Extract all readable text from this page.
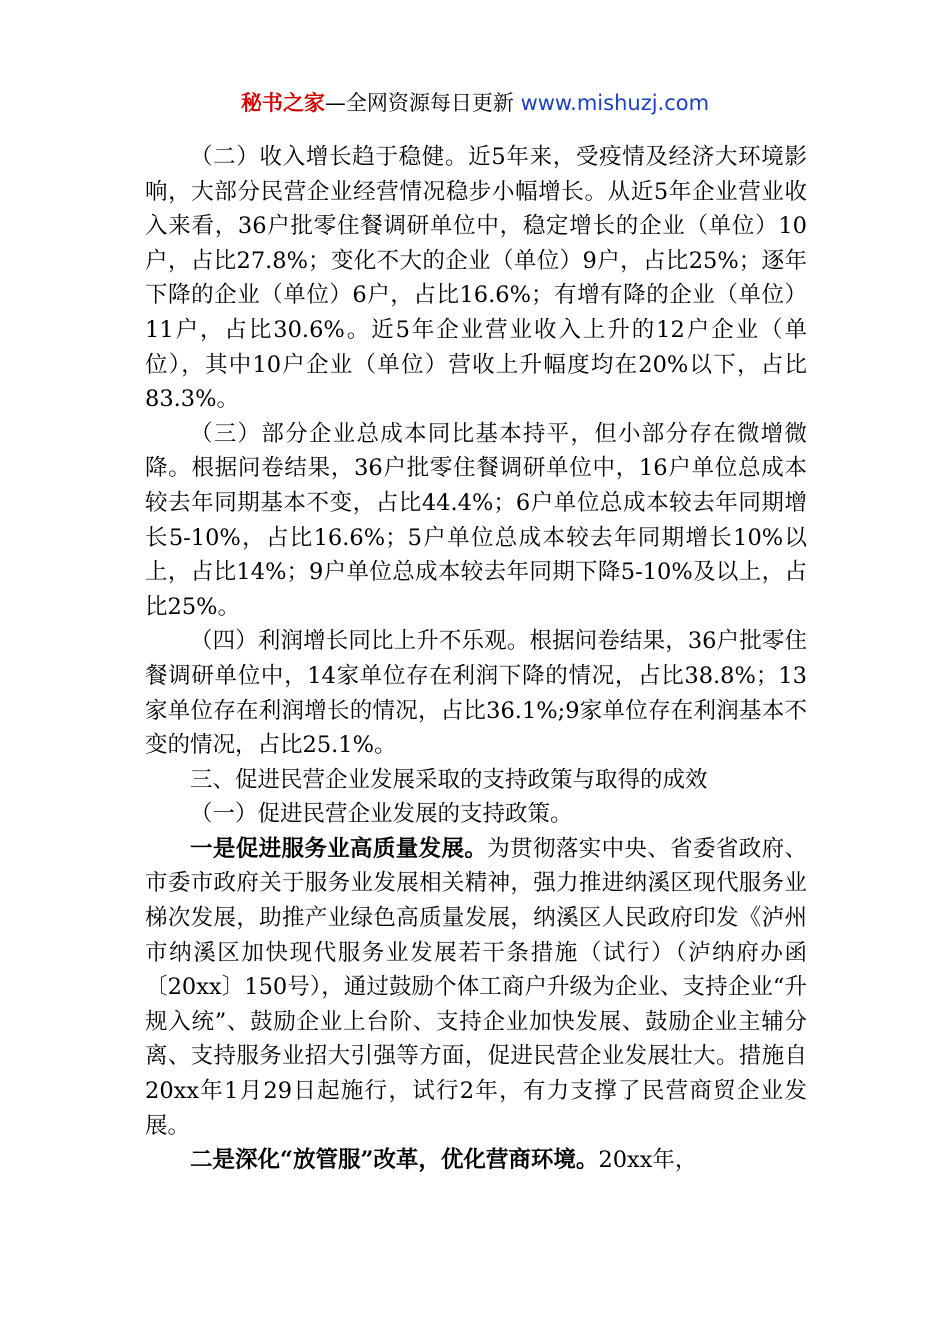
秘书之家—全网资源每日更新 www.mishuzj.com

（二）收入增长趋于稳健。近5年来，受疫情及经济大环境影响，大部分民营企业经营情况稳步小幅增长。从近5年企业营业收入来看，36户批零住餐调研单位中，稳定增长的企业（单位）10户，占比27.8%；变化不大的企业（单位）9户，占比25%；逐年下降的企业（单位）6户，占比16.6%；有增有降的企业（单位）11户，占比30.6%。近5年企业营业收入上升的12户企业（单位），其中10户企业（单位）营收上升幅度均在20%以下，占比83.3%。

（三）部分企业总成本同比基本持平，但小部分存在微增微降。根据问卷结果，36户批零住餐调研单位中，16户单位总成本较去年同期基本不变，占比44.4%；6户单位总成本较去年同期增长5-10%，占比16.6%；5户单位总成本较去年同期增长10%以上，占比14%；9户单位总成本较去年同期下降5-10%及以上，占比25%。

（四）利润增长同比上升不乐观。根据问卷结果，36户批零住餐调研单位中，14家单位存在利润下降的情况，占比38.8%；13家单位存在利润增长的情况，占比36.1%;9家单位存在利润基本不变的情况，占比25.1%。

三、促进民营企业发展采取的支持政策与取得的成效

（一）促进民营企业发展的支持政策。

一是促进服务业高质量发展。为贯彻落实中央、省委省政府、市委市政府关于服务业发展相关精神，强力推进纳溪区现代服务业梯次发展，助推产业绿色高质量发展，纳溪区人民政府印发《泸州市纳溪区加快现代服务业发展若干条措施（试行）（泸纳府办函〔20xx〕150号），通过鼓励个体工商户升级为企业、支持企业“升规入统”、鼓励企业上台阶、支持企业加快发展、鼓励企业主辅分离、支持服务业招大引强等方面，促进民营企业发展壮大。措施自20xx年1月29日起施行，试行2年，有力支撑了民营商贸企业发展。

二是深化“放管服”改革，优化营商环境。20xx年，
